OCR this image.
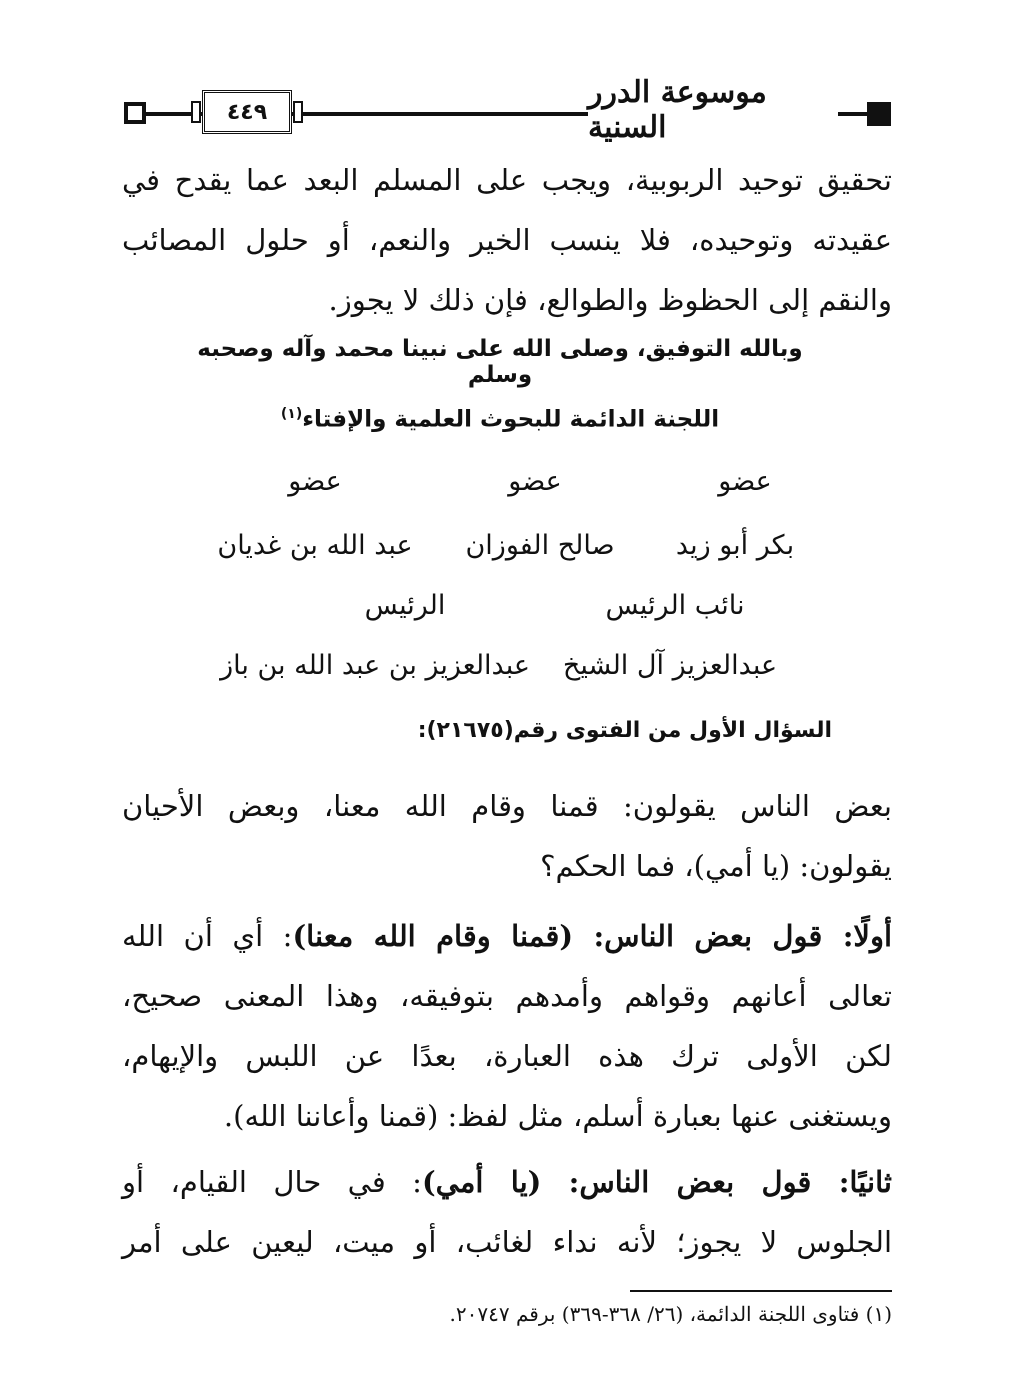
موسوعة الدرر السنية
٤٤٩
تحقيق توحيد الربوبية، ويجب على المسلم البعد عما يقدح في
عقيدته وتوحيده، فلا ينسب الخير والنعم، أو حلول المصائب
والنقم إلى الحظوظ والطوالع، فإن ذلك لا يجوز.
وبالله التوفيق، وصلى الله على نبينا محمد وآله وصحبه وسلم
اللجنة الدائمة للبحوث العلمية والإفتاء$^{(١)}$
عضو
عضو
عضو
بكر أبو زيد
صالح الفوزان
عبد الله بن غديان
نائب الرئيس
الرئيس
عبدالعزيز آل الشيخ
عبدالعزيز بن عبد الله بن باز
السؤال الأول من الفتوى رقم(٢١٦٧٥):
بعض الناس يقولون: قمنا وقام الله معنا، وبعض الأحيان
يقولون: (يا أمي)، فما الحكم؟
أولًا: قول بعض الناس: (قمنا وقام الله معنا): أي أن الله
تعالى أعانهم وقواهم وأمدهم بتوفيقه، وهذا المعنى صحيح،
لكن الأولى ترك هذه العبارة، بعدًا عن اللبس والإيهام،
ويستغنى عنها بعبارة أسلم، مثل لفظ: (قمنا وأعاننا الله).
ثانيًا: قول بعض الناس: (يا أمي): في حال القيام، أو
الجلوس لا يجوز؛ لأنه نداء لغائب، أو ميت، ليعين على أمر
(١) فتاوى اللجنة الدائمة، (٢٦/ ٣٦٨-٣٦٩) برقم ٢٠٧٤٧.
